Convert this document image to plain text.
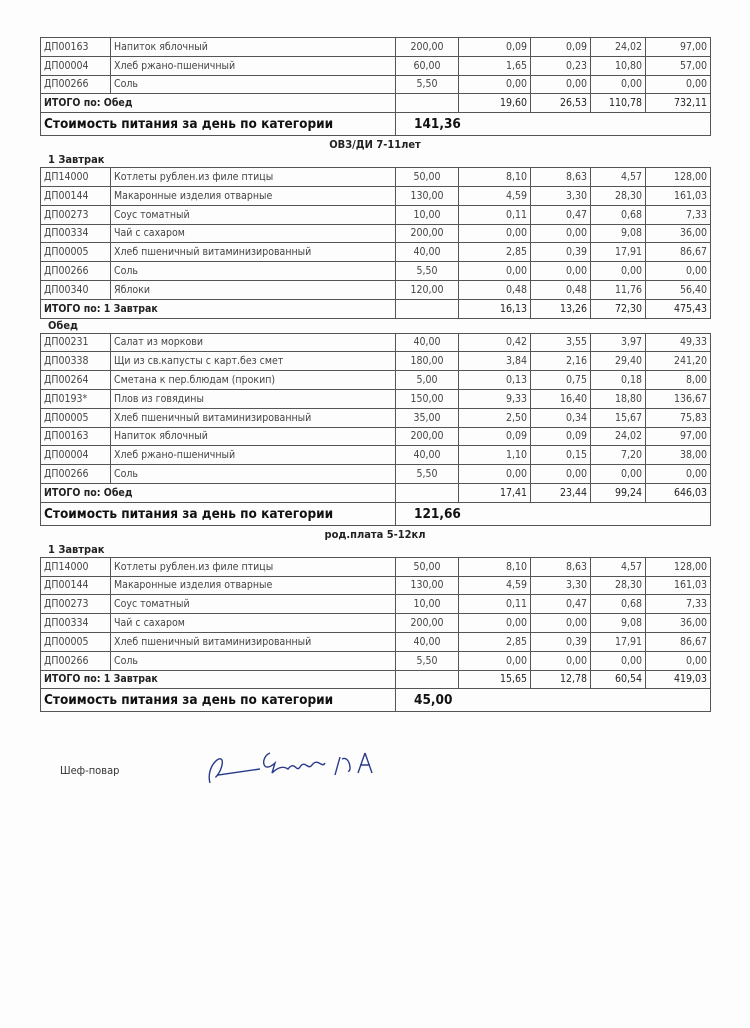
ДП00163	Напиток яблочный	200,00	0,09	0,09	24,02	97,00
ДП00004	Хлеб ржано-пшеничный	60,00	1,65	0,23	10,80	57,00
ДП00266	Соль	5,50	0,00	0,00	0,00	0,00
ИТОГО по: Обед			19,60	26,53	110,78	732,11
Стоимость питания за день по категории		141,36				
ОВЗ/ДИ 7-11лет
1 Завтрак
ДП14000	Котлеты рублен.из филе птицы	50,00	8,10	8,63	4,57	128,00
ДП00144	Макаронные изделия отварные	130,00	4,59	3,30	28,30	161,03
ДП00273	Соус томатный	10,00	0,11	0,47	0,68	7,33
ДП00334	Чай с сахаром	200,00	0,00	0,00	9,08	36,00
ДП00005	Хлеб пшеничный витаминизированный	40,00	2,85	0,39	17,91	86,67
ДП00266	Соль	5,50	0,00	0,00	0,00	0,00
ДП00340	Яблоки	120,00	0,48	0,48	11,76	56,40
ИТОГО по: 1 Завтрак			16,13	13,26	72,30	475,43
Обед
ДП00231	Салат из моркови	40,00	0,42	3,55	3,97	49,33
ДП00338	Щи из св.капусты с карт.без смет	180,00	3,84	2,16	29,40	241,20
ДП00264	Сметана к пер.блюдам (прокип)	5,00	0,13	0,75	0,18	8,00
ДП0193*	Плов из говядины	150,00	9,33	16,40	18,80	136,67
ДП00005	Хлеб пшеничный витаминизированный	35,00	2,50	0,34	15,67	75,83
ДП00163	Напиток яблочный	200,00	0,09	0,09	24,02	97,00
ДП00004	Хлеб ржано-пшеничный	40,00	1,10	0,15	7,20	38,00
ДП00266	Соль	5,50	0,00	0,00	0,00	0,00
ИТОГО по: Обед			17,41	23,44	99,24	646,03
Стоимость питания за день по категории		121,66				
род.плата 5-12кл
1 Завтрак
ДП14000	Котлеты рублен.из филе птицы	50,00	8,10	8,63	4,57	128,00
ДП00144	Макаронные изделия отварные	130,00	4,59	3,30	28,30	161,03
ДП00273	Соус томатный	10,00	0,11	0,47	0,68	7,33
ДП00334	Чай с сахаром	200,00	0,00	0,00	9,08	36,00
ДП00005	Хлеб пшеничный витаминизированный	40,00	2,85	0,39	17,91	86,67
ДП00266	Соль	5,50	0,00	0,00	0,00	0,00
ИТОГО по: 1 Завтрак			15,65	12,78	60,54	419,03
Стоимость питания за день по категории		45,00				
Шеф-повар
